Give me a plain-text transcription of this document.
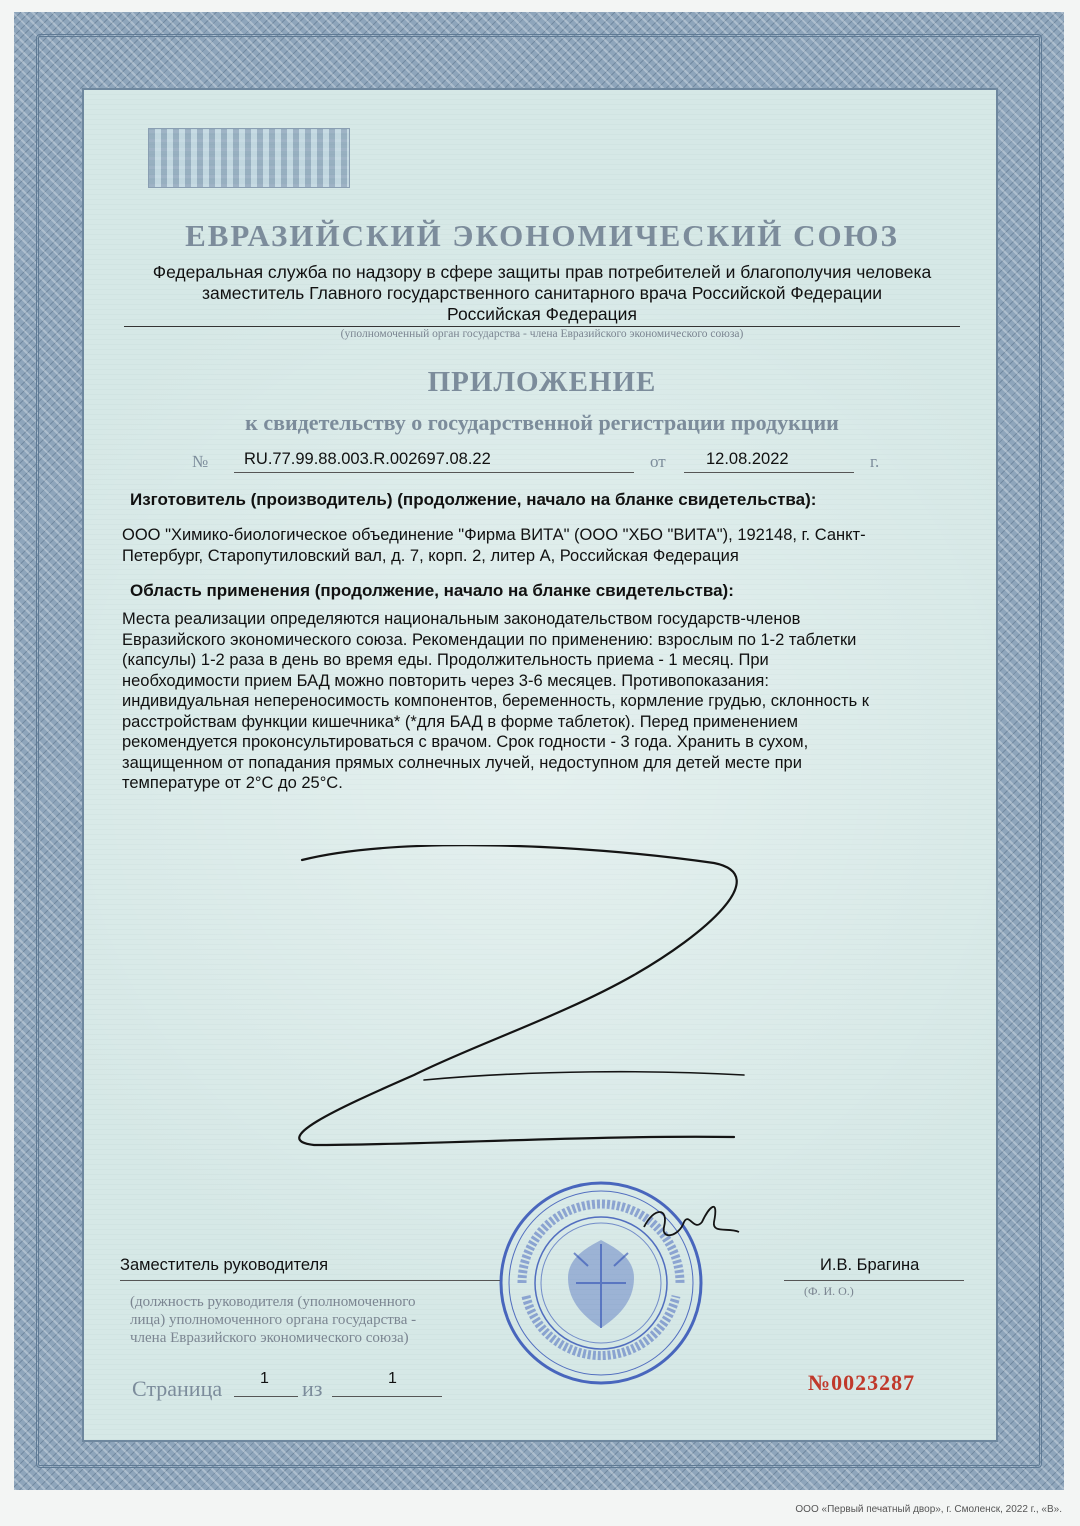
ЕВРАЗИЙСКИЙ ЭКОНОМИЧЕСКИЙ СОЮЗ

Федеральная служба по надзору в сфере защиты прав потребителей и благополучия человека

заместитель Главного государственного санитарного врача Российской Федерации

Российская Федерация

(уполномоченный орган государства - члена Евразийского экономического союза)

ПРИЛОЖЕНИЕ

к свидетельству о государственной регистрации продукции

№ RU.77.99.88.003.R.002697.08.22	от 12.08.2022	г.

Изготовитель (производитель) (продолжение, начало на бланке свидетельства):

ООО "Химико-биологическое объединение "Фирма ВИТА" (ООО "ХБО "ВИТА"), 192148, г. Санкт-

Петербург, Старопутиловский вал, д. 7, корп. 2, литер А, Российская Федерация

Область применения (продолжение, начало на бланке свидетельства):

Места реализации определяются национальным законодательством государств-членов

Евразийского экономического союза. Рекомендации по применению: взрослым по 1-2 таблетки

(капсулы) 1-2 раза в день во время еды. Продолжительность приема - 1 месяц. При

необходимости прием БАД можно повторить через 3-6 месяцев. Противопоказания:

индивидуальная непереносимость компонентов, беременность, кормление грудью, склонность к

расстройствам функции кишечника* (*для БАД в форме таблеток). Перед применением

рекомендуется проконсультироваться с врачом. Срок годности - 3 года. Хранить в сухом,

защищенном от попадания прямых солнечных лучей, недоступном для детей месте при

температуре от 2°С до 25°С.

Заместитель руководителя	И.В. Брагина
(Ф. И. О.)

(должность руководителя (уполномоченного

лица) уполномоченного органа государства -

члена Евразийского экономического союза)

Страница 1 из	1	№0023287
ООО «Первый печатный двор», г. Смоленск, 2022 г., «В».
